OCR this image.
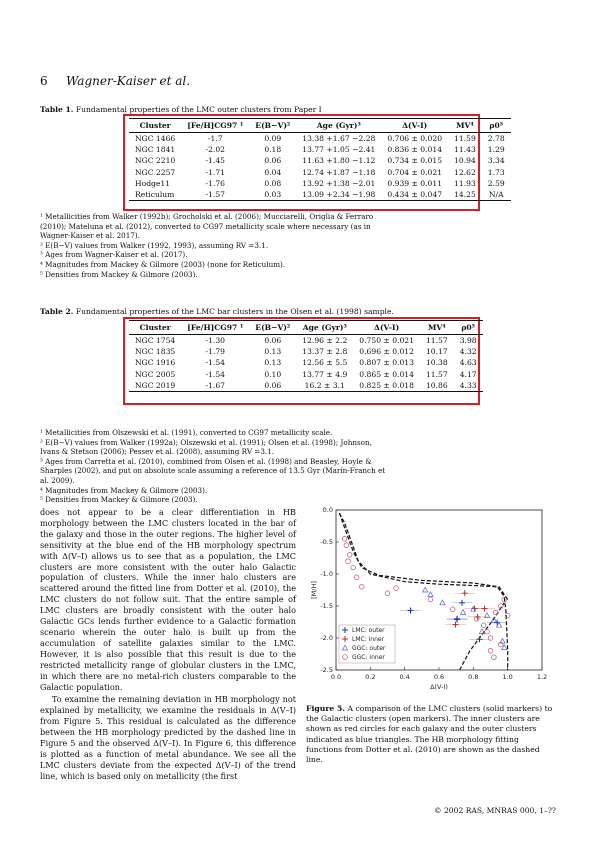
6 Wagner-Kaiser et al.
Table 1. Fundamental properties of the LMC outer clusters from Paper I
Cluster	[Fe/H]CG97 ¹	E(B−V)²	Age (Gyr)³	Δ(V-I)	MV⁴	ρ0⁵
NGC 1466	-1.7	0.09	13.38 +1.67 −2.28	0.706 ± 0.020	11.59	2.78
NGC 1841	-2.02	0.18	13.77 +1.05 −2.41	0.836 ± 0.014	11.43	1.29
NGC 2210	-1.45	0.06	11.63 +1.80 −1.12	0.734 ± 0.015	10.94	3.34
NGC 2257	-1.71	0.04	12.74 +1.87 −1.18	0.704 ± 0.021	12.62	1.73
Hodge11	-1.76	0.08	13.92 +1.38 −2.01	0.939 ± 0.011	11.93	2.59
Reticulum	-1.57	0.03	13.09 +2.34 −1.98	0.434 ± 0.047	14.25	N/A
¹ Metallicities from Walker (1992b); Grocholski et al. (2006); Mucciarelli, Origlia & Ferraro (2010); Mateluna et al. (2012), converted to CG97 metallicity scale where necessary (as in Wagner-Kaiser et al. 2017).
² E(B−V) values from Walker (1992, 1993), assuming RV =3.1.
³ Ages from Wagner-Kaiser et al. (2017).
⁴ Magnitudes from Mackey & Gilmore (2003) (none for Reticulum).
⁵ Densities from Mackey & Gilmore (2003).
Table 2. Fundamental properties of the LMC bar clusters in the Olsen et al. (1998) sample.
Cluster	[Fe/H]CG97 ¹	E(B−V)²	Age (Gyr)³	Δ(V-I)	MV⁴	ρ0⁵
NGC 1754	-1.30	0.06	12.96 ± 2.2	0.750 ± 0.021	11.57	3.98
NGC 1835	-1.79	0.13	13.37 ± 2.8	0.696 ± 0.012	10.17	4.32
NGC 1916	-1.54	0.13	12.56 ± 5.5	0.807 ± 0.013	10.38	4.63
NGC 2005	-1.54	0.10	13.77 ± 4.9	0.865 ± 0.014	11.57	4.17
NGC 2019	-1.67	0.06	16.2 ± 3.1	0.825 ± 0.018	10.86	4.33
¹ Metallicities from Olszewski et al. (1991), converted to CG97 metallicity scale.
² E(B−V) values from Walker (1992a); Olszewski et al. (1991); Olsen et al. (1998); Johnson, Ivans & Stetson (2006); Pessev et al. (2008), assuming RV =3.1.
³ Ages from Carretta et al. (2010), combined from Olsen et al. (1998) and Beasley, Hoyle & Sharples (2002), and put on absolute scale assuming a reference of 13.5 Gyr (Marín-Franch et al. 2009).
⁴ Magnitudes from Mackey & Gilmore (2003).
⁵ Densities from Mackey & Gilmore (2003).

does not appear to be a clear differentiation in HB morphology between the LMC clusters located in the bar of the galaxy and those in the outer regions. The higher level of sensitivity at the blue end of the HB morphology spectrum with Δ(V–I) allows us to see that as a population, the LMC clusters are more consistent with the outer halo Galactic population of clusters. While the inner halo clusters are scattered around the fitted line from Dotter et al. (2010), the LMC clusters do not follow suit. That the entire sample of LMC clusters are broadly consistent with the outer halo Galactic GCs lends further evidence to a Galactic formation scenario wherein the outer halo is built up from the accumulation of satellite galaxies similar to the LMC. However, it is also possible that this result is due to the restricted metallicity range of globular clusters in the LMC, in which there are no metal-rich clusters comparable to the Galactic population.

To examine the remaining deviation in HB morphology not explained by metallicity, we examine the residuals in Δ(V–I) from Figure 5. This residual is calculated as the difference between the HB morphology predicted by the dashed line in Figure 5 and the observed Δ(V–I). In Figure 6, this difference is plotted as a function of metal abundance. We see all the LMC clusters deviate from the expected Δ(V–I) of the trend line, which is based only on metallicity (the first

0.0	0.2	0.4	0.6	0.8	1.0	1.2
0.0
-0.5
-1.0
-1.5
-2.0
-2.5
Δ(V-I)
[M/H]
LMC: outer
LMC: inner
GGC: outer
GGC: inner
Figure 5. A comparison of the LMC clusters (solid markers) to the Galactic clusters (open markers). The inner clusters are shown as red circles for each galaxy and the outer clusters indicated as blue triangles. The HB morphology fitting functions from Dotter et al. (2010) are shown as the dashed line.
© 2002 RAS, MNRAS 000, 1–??
